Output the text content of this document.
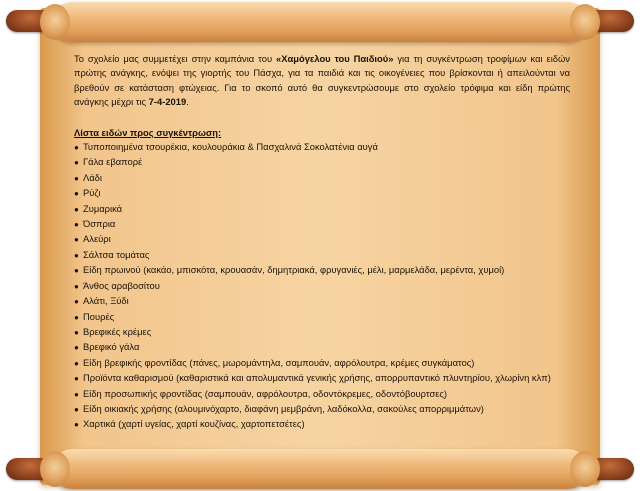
Το σχολείο μας συμμετέχει στην καμπάνια του «Χαμόγελου του Παιδιού» για τη συγκέντρωση τροφίμων και ειδών πρώτης ανάγκης, ενόψει της γιορτής του Πάσχα, για τα παιδιά και τις οικογένειες που βρίσκονται ή απειλούνται να βρεθούν σε κατάσταση φτώχειας. Για το σκοπό αυτό θα συγκεντρώσουμε στο σχολείο τρόφιμα και είδη πρώτης ανάγκης μέχρι τις 7-4-2019.

Λίστα ειδών προς συγκέντρωση:
● Τυποποιημένα τσουρέκια, κουλουράκια & Πασχαλινά Σοκολατένια αυγά
● Γάλα εβαπορέ
● Λάδι
● Ρύζι
● Ζυμαρικά
● Όσπρια
● Αλεύρι
● Σάλτσα τομάτας
● Είδη πρωινού (κακάο, μπισκότα, κρουασάν, δημητριακά, φρυγανιές, μέλι, μαρμελάδα, μερέντα, χυμοί)
● Άνθος αραβοσίτου
● Αλάτι, Ξύδι
● Πουρές
● Βρεφικές κρέμες
● Βρεφικό γάλα
● Είδη βρεφικής φροντίδας (πάνες, μωρομάντηλα, σαμπουάν, αφρόλουτρα, κρέμες συγκάματος)
● Προϊόντα καθαρισμού (καθαριστικά και απολυμαντικά γενικής χρήσης, απορρυπαντικό πλυντηρίου, χλωρίνη κλπ)
● Είδη προσωπικής φροντίδας (σαμπουάν, αφρόλουτρα, οδοντόκρεμες, οδοντόβουρτσες)
● Είδη οικιακής χρήσης (αλουμινόχαρτο, διαφάνη μεμβράνη, λαδόκολλα, σακούλες απορριμμάτων)
● Χαρτικά (χαρτί υγείας, χαρτί κουζίνας, χαρτοπετσέτες)
